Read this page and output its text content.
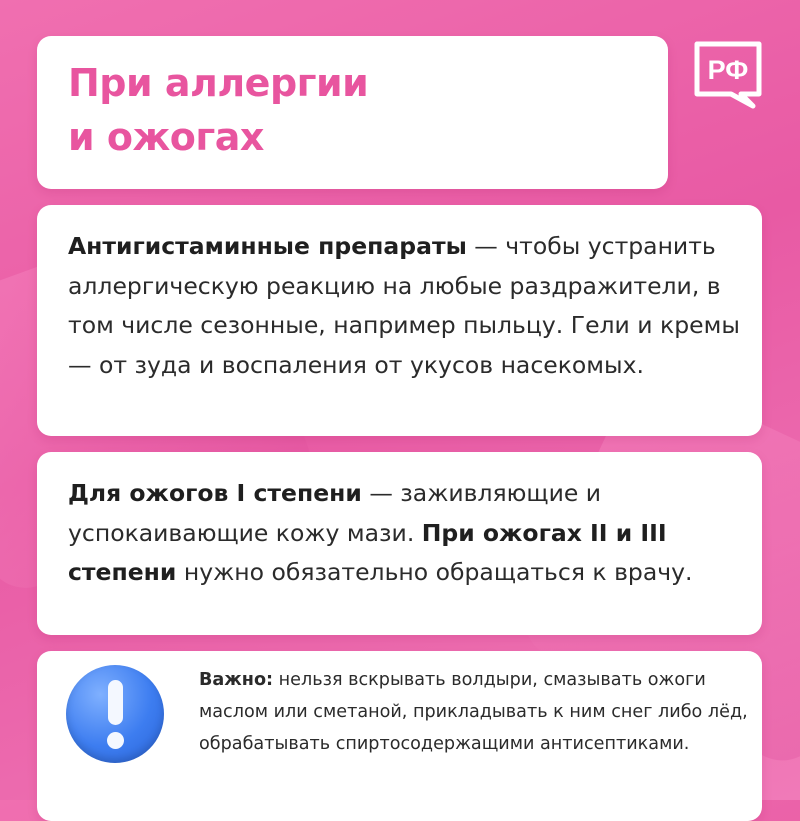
При аллергии
и ожогах
РФ

Антигистаминные препараты — чтобы устранить аллергическую реакцию на любые раздражители, в том числе сезонные, например пыльцу. Гели и кремы — от зуда и воспаления от укусов насекомых.

Для ожогов I степени — заживляющие и успокаивающие кожу мази. При ожогах II и III степени нужно обязательно обращаться к врачу.

Важно: нельзя вскрывать волдыри, смазывать ожоги маслом или сметаной, прикладывать к ним снег либо лёд, обрабатывать спиртосодержащими антисептиками.
